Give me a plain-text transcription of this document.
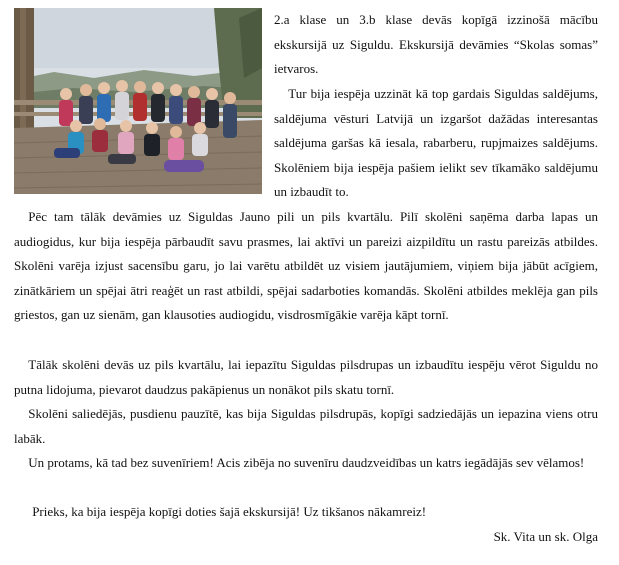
2.a klase un 3.b klase devās kopīgā izzinošā mācību ekskursijā uz Siguldu. Ekskursijā devāmies “Skolas somas” ietvaros.

Tur bija iespēja uzzināt kā top gardais Siguldas saldējums, saldējuma vēsturi Latvijā un izgaršot dažādas interesantas saldējuma garšas kā iesala, rabarberu, rupjmaizes saldējums. Skolēniem bija iespēja pašiem ielikt sev tīkamāko saldējumu un izbaudīt to.

Pēc tam tālāk devāmies uz Siguldas Jauno pili un pils kvartālu. Pilī skolēni saņēma darba lapas un audiogidus, kur bija iespēja pārbaudīt savu prasmes, lai aktīvi un pareizi aizpildītu un rastu pareizās atbildes. Skolēni varēja izjust sacensību garu, jo lai varētu atbildēt uz visiem jautājumiem, viņiem bija jābūt acīgiem, zinātkāriem un spējai ātri reaģēt un rast atbildi, spējai sadarboties komandās. Skolēni atbildes meklēja gan pils griestos, gan uz sienām, gan klausoties audiogidu, visdrosmīgākie varēja kāpt tornī.

Tālāk skolēni devās uz pils kvartālu, lai iepazītu Siguldas pilsdrupas un izbaudītu iespēju vērot Siguldu no putna lidojuma, pievarot daudzus pakāpienus un nonākot pils skatu tornī.

Skolēni saliedējās, pusdienu pauzītē, kas bija Siguldas pilsdrupās, kopīgi sadziedājās un iepazina viens otru labāk.

Un protams, kā tad bez suvenīriem! Acis zibēja no suvenīru daudzveidības un katrs iegādājās sev vēlamos!

Prieks, ka bija iespēja kopīgi doties šajā ekskursijā! Uz tikšanos nākamreiz!

Sk. Vita un sk. Olga
